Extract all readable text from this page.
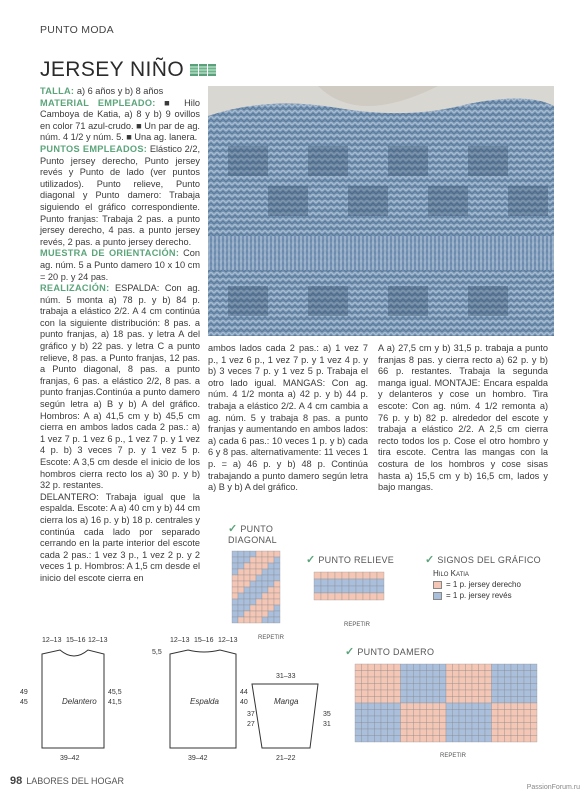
PUNTO MODA
JERSEY NIÑO

TALLA: a) 6 años y b) 8 años

MATERIAL EMPLEADO: ■ Hilo Camboya de Katia, a) 8 y b) 9 ovillos en color 71 azul-crudo. ■ Un par de ag. núm. 4 1/2 y núm. 5. ■ Una ag. lanera.

PUNTOS EMPLEADOS: Elástico 2/2, Punto jersey derecho, Punto jersey revés y Punto de lado (ver puntos utilizados). Punto relieve, Punto diagonal y Punto damero: Trabaja siguiendo el gráfico correspondiente. Punto franjas: Trabaja 2 pas. a punto jersey derecho, 4 pas. a punto jersey revés, 2 pas. a punto jersey derecho.

MUESTRA DE ORIENTACIÓN: Con ag. núm. 5 a Punto damero 10 x 10 cm = 20 p. y 24 pas.

REALIZACIÓN: ESPALDA: Con ag. núm. 5 monta a) 78 p. y b) 84 p. trabaja a elástico 2/2. A 4 cm continúa con la siguiente distribución: 8 pas. a punto franjas, a) 18 pas. y letra A del gráfico y b) 22 pas. y letra C a punto relieve, 8 pas. a Punto franjas, 12 pas. a Punto diagonal, 8 pas. a punto franjas, 6 pas. a elástico 2/2, 8 pas. a punto franjas.Continúa a punto damero según letra a) B y b) A del gráfico. Hombros: A a) 41,5 cm y b) 45,5 cm cierra en ambos lados cada 2 pas.: a) 1 vez 7 p. 1 vez 6 p., 1 vez 7 p. y 1 vez 4 p. b) 3 veces 7 p. y 1 vez 5 p. Escote: A 3,5 cm desde el inicio de los hombros cierra recto los a) 30 p. y b) 32 p. restantes.

DELANTERO: Trabaja igual que la espalda. Escote: A a) 40 cm y b) 44 cm cierra los a) 16 p. y b) 18 p. centrales y continúa cada lado por separado cerrando en la parte interior del escote cada 2 pas.: 1 vez 3 p., 1 vez 2 p. y 2 veces 1 p. Hombros: A 1,5 cm desde el inicio del escote cierra en

ambos lados cada 2 pas.: a) 1 vez 7 p., 1 vez 6 p., 1 vez 7 p. y 1 vez 4 p. y b) 3 veces 7 p. y 1 vez 5 p. Trabaja el otro lado igual. MANGAS: Con ag. núm. 4 1/2 monta a) 42 p. y b) 44 p. trabaja a elástico 2/2. A 4 cm cambia a ag. núm. 5 y trabaja 8 pas. a punto franjas y aumentando en ambos lados: a) cada 6 pas.: 10 veces 1 p. y b) cada 6 y 8 pas. alternativamente: 11 veces 1 p. = a) 46 p. y b) 48 p. Continúa trabajando a punto damero según letra a) B y b) A del gráfico.

A a) 27,5 cm y b) 31,5 p. trabaja a punto franjas 8 pas. y cierra recto a) 62 p. y b) 66 p. restantes. Trabaja la segunda manga igual. MONTAJE: Encara espalda y delanteros y cose un hombro. Tira escote: Con ag. núm. 4 1/2 remonta a) 76 p. y b) 82 p. alrededor del escote y trabaja a elástico 2/2. A 2,5 cm cierra recto todos los p. Cose el otro hombro y tira escote. Centra las mangas con la costura de los hombros y cose sisas hasta a) 15,5 cm y b) 16,5 cm, lados y bajo mangas.

✓ PUNTO DIAGONAL
REPETIR
✓ PUNTO RELIEVE
REPETIR
✓ SIGNOS DEL GRÁFICO
Hilo Katia
= 1 p. jersey derecho
= 1 p. jersey revés
✓ PUNTO DAMERO
REPETIR
12–13 15–16 12–13	12–13 15–16 12–13
39–42	39–42
49
45
45,5
41,5
5,5
44
40
31–33
21–22
37
27
35
31
Delantero	Espalda	Manga
98 LABORES DEL HOGAR
PassionForum.ru
